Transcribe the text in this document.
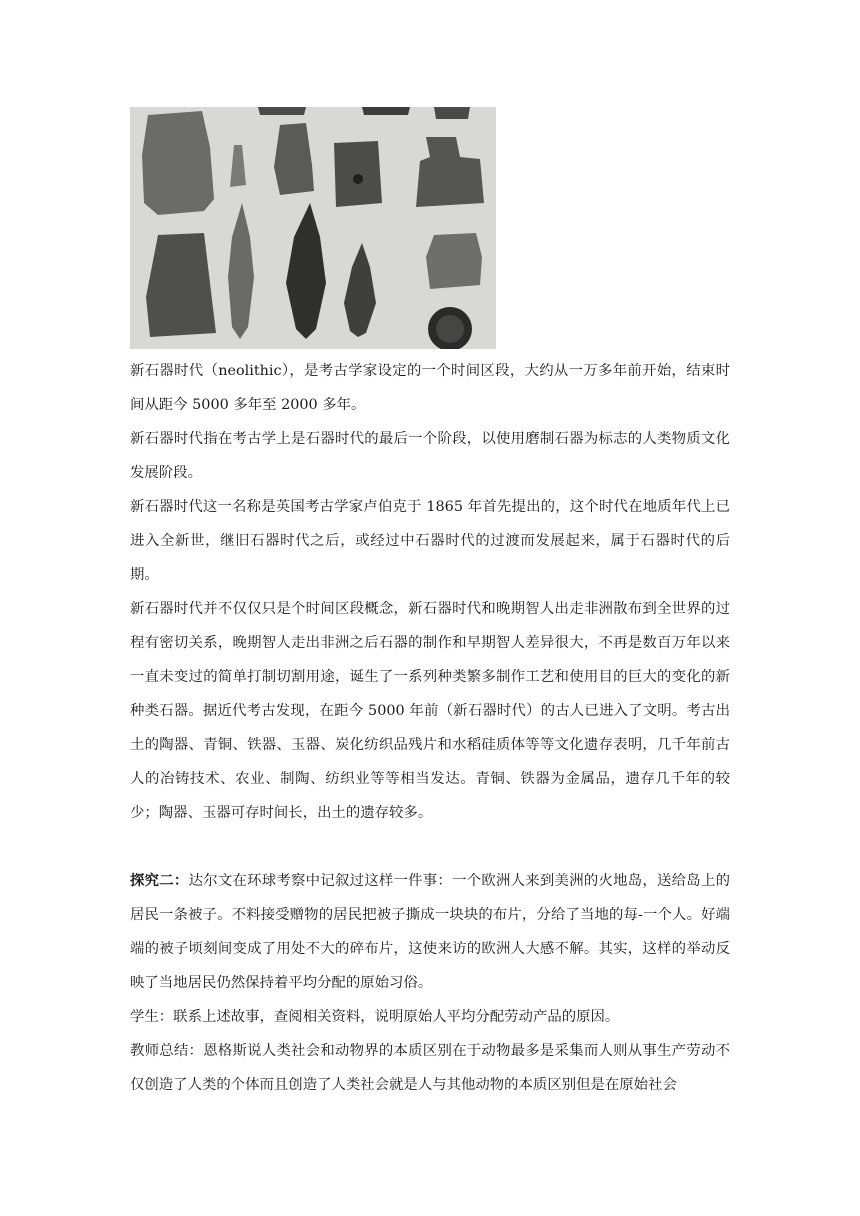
新石器时代（neolithic），是考古学家设定的一个时间区段，大约从一万多年前开始，结束时间从距今 5000 多年至 2000 多年。

新石器时代指在考古学上是石器时代的最后一个阶段，以使用磨制石器为标志的人类物质文化发展阶段。

新石器时代这一名称是英国考古学家卢伯克于 1865 年首先提出的，这个时代在地质年代上已进入全新世，继旧石器时代之后，或经过中石器时代的过渡而发展起来，属于石器时代的后期。

新石器时代并不仅仅只是个时间区段概念，新石器时代和晚期智人出走非洲散布到全世界的过程有密切关系，晚期智人走出非洲之后石器的制作和早期智人差异很大，不再是数百万年以来一直未变过的简单打制切割用途，诞生了一系列种类繁多制作工艺和使用目的巨大的变化的新种类石器。据近代考古发现，在距今 5000 年前（新石器时代）的古人已进入了文明。考古出土的陶器、青铜、铁器、玉器、炭化纺织品残片和水稻硅质体等等文化遗存表明，几千年前古人的冶铸技术、农业、制陶、纺织业等等相当发达。青铜、铁器为金属品，遗存几千年的较少；陶器、玉器可存时间长，出土的遗存较多。

探究二：达尔文在环球考察中记叙过这样一件事：一个欧洲人来到美洲的火地岛，送给岛上的居民一条被子。不料接受赠物的居民把被子撕成一块块的布片，分给了当地的每-一个人。好端端的被子顷刻间变成了用处不大的碎布片，这使来访的欧洲人大感不解。其实，这样的举动反映了当地居民仍然保持着平均分配的原始习俗。

学生：联系上述故事，查阅相关资料，说明原始人平均分配劳动产品的原因。

教师总结：恩格斯说人类社会和动物界的本质区别在于动物最多是采集而人则从事生产劳动不仅创造了人类的个体而且创造了人类社会就是人与其他动物的本质区别但是在原始社会
